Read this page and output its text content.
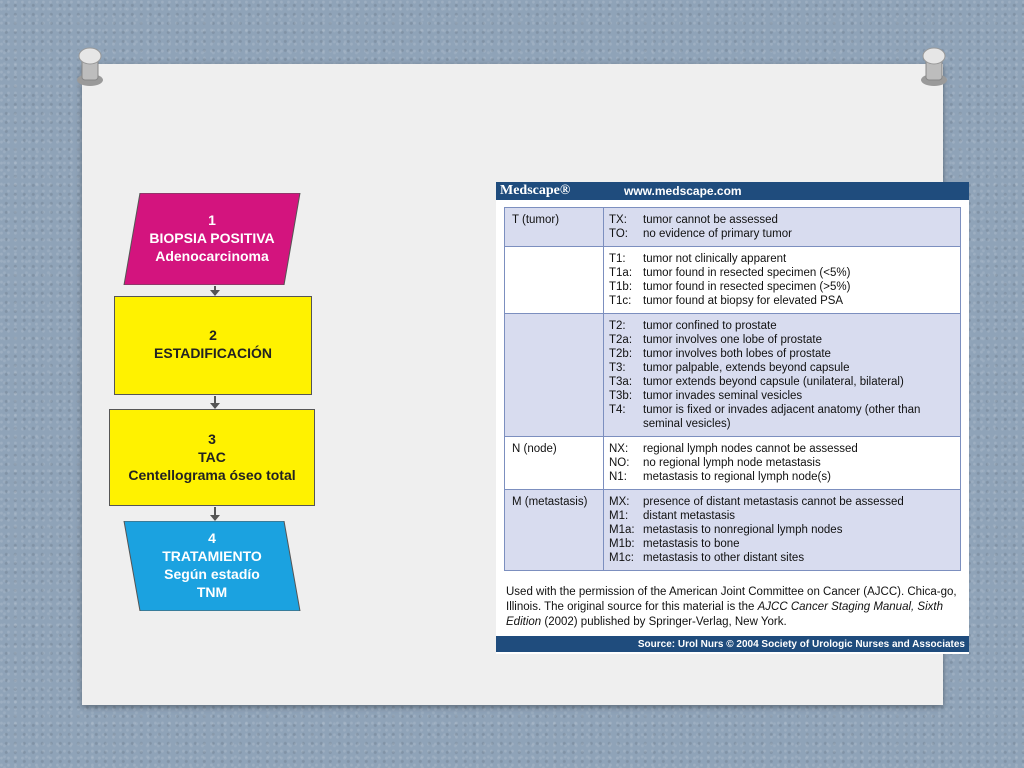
1
BIOPSIA POSITIVA
Adenocarcinoma
2
ESTADIFICACIÓN
3
TAC
Centellograma óseo total
4
TRATAMIENTO
Según estadío
TNM
Medscape®	www.medscape.com
T (tumor)	TX:	tumor cannot be assessed
TO:	no evidence of primary tumor
T1:	tumor not clinically apparent
T1a: tumor found in resected specimen (<5%)
T1b: tumor found in resected specimen (>5%)
T1c:	tumor found at biopsy for elevated PSA
T2:	tumor confined to prostate
T2a: tumor involves one lobe of prostate
T2b: tumor involves both lobes of prostate
T3:	tumor palpable, extends beyond capsule
T3a: tumor extends beyond capsule (unilateral, bilateral)
T3b: tumor invades seminal vesicles
T4:	tumor is fixed or invades adjacent anatomy (other than seminal vesicles)
N (node)	NX:	regional lymph nodes cannot be assessed
NO:	no regional lymph node metastasis
N1:	metastasis to regional lymph node(s)
M (metastasis)	MX:	presence of distant metastasis cannot be assessed
M1:	distant metastasis
M1a: metastasis to nonregional lymph nodes
M1b: metastasis to bone
M1c: metastasis to other distant sites
Used with the permission of the American Joint Committee on Cancer (AJCC). Chica-go, Illinois. The original source for this material is the AJCC Cancer Staging Manual, Sixth Edition (2002) published by Springer-Verlag, New York.
Source: Urol Nurs © 2004 Society of Urologic Nurses and Associates
